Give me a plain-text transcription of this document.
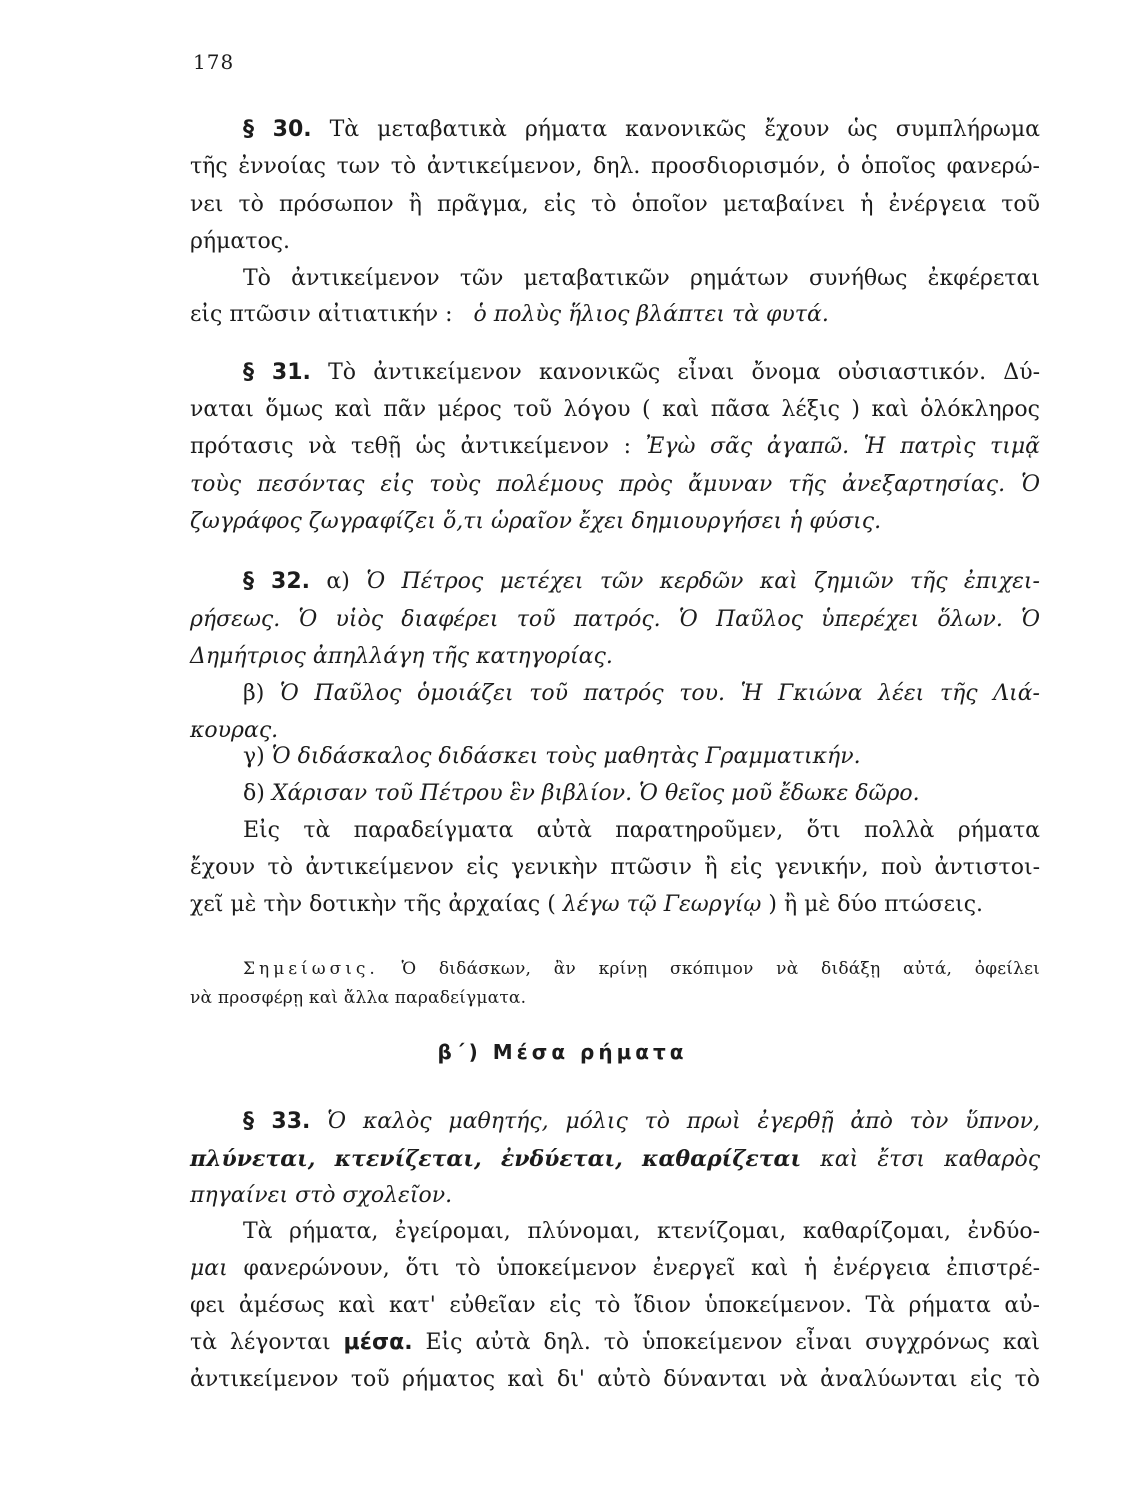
178
§ 30. Τὰ μεταβατικὰ ρήματα κανονικῶς ἔχουν ὡς συμπλήρωμα
τῆς ἐννοίας των τὸ ἀντικείμενον, δηλ. προσδιορισμόν, ὁ ὁποῖος φανερώ-
νει τὸ πρόσωπον ἢ πρᾶγμα, εἰς τὸ ὁποῖον μεταβαίνει ἡ ἐνέργεια τοῦ
ρήματος.
Τὸ ἀντικείμενον τῶν μεταβατικῶν ρημάτων συνήθως ἐκφέρεται
εἰς πτῶσιν αἰτιατικήν : ὁ πολὺς ἥλιος βλάπτει τὰ φυτά.
§ 31. Τὸ ἀντικείμενον κανονικῶς εἶναι ὄνομα οὐσιαστικόν. Δύ-
ναται ὅμως καὶ πᾶν μέρος τοῦ λόγου ( καὶ πᾶσα λέξις ) καὶ ὁλόκληρος
πρότασις νὰ τεθῇ ὡς ἀντικείμενον : Ἐγὼ σᾶς ἀγαπῶ. Ἡ πατρὶς τιμᾷ
τοὺς πεσόντας εἰς τοὺς πολέμους πρὸς ἄμυναν τῆς ἀνεξαρτησίας. Ὁ
ζωγράφος ζωγραφίζει ὅ,τι ὡραῖον ἔχει δημιουργήσει ἡ φύσις.
§ 32. α) Ὁ Πέτρος μετέχει τῶν κερδῶν καὶ ζημιῶν τῆς ἐπιχει-
ρήσεως. Ὁ υἱὸς διαφέρει τοῦ πατρός. Ὁ Παῦλος ὑπερέχει ὅλων. Ὁ
Δημήτριος ἀπηλλάγη τῆς κατηγορίας.
β) Ὁ Παῦλος ὁμοιάζει τοῦ πατρός του. Ἡ Γκιώνα λέει τῆς Λιά-
κουρας.
γ) Ὁ διδάσκαλος διδάσκει τοὺς μαθητὰς Γραμματικήν.
δ) Χάρισαν τοῦ Πέτρου ἓν βιβλίον. Ὁ θεῖος μοῦ ἔδωκε δῶρο.
Εἰς τὰ παραδείγματα αὐτὰ παρατηροῦμεν, ὅτι πολλὰ ρήματα
ἔχουν τὸ ἀντικείμενον εἰς γενικὴν πτῶσιν ἢ εἰς γενικήν, ποὺ ἀντιστοι-
χεῖ μὲ τὴν δοτικὴν τῆς ἀρχαίας ( λέγω τῷ Γεωργίῳ ) ἢ μὲ δύο πτώσεις.
Σημείωσις. Ὁ διδάσκων, ἂν κρίνῃ σκόπιμον νὰ διδάξῃ αὐτά, ὀφείλει
νὰ προσφέρῃ καὶ ἄλλα παραδείγματα.
β΄) Μέσα ρήματα
§ 33. Ὁ καλὸς μαθητής, μόλις τὸ πρωὶ ἐγερθῇ ἀπὸ τὸν ὕπνον,
πλύνεται, κτενίζεται, ἐνδύεται, καθαρίζεται καὶ ἔτσι καθαρὸς
πηγαίνει στὸ σχολεῖον.
Τὰ ρήματα, ἐγείρομαι, πλύνομαι, κτενίζομαι, καθαρίζομαι, ἐνδύο-
μαι φανερώνουν, ὅτι τὸ ὑποκείμενον ἐνεργεῖ καὶ ἡ ἐνέργεια ἐπιστρέ-
φει ἀμέσως καὶ κατ' εὐθεῖαν εἰς τὸ ἴδιον ὑποκείμενον. Τὰ ρήματα αὐ-
τὰ λέγονται μέσα. Εἰς αὐτὰ δηλ. τὸ ὑποκείμενον εἶναι συγχρόνως καὶ
ἀντικείμενον τοῦ ρήματος καὶ δι' αὐτὸ δύνανται νὰ ἀναλύωνται εἰς τὸ
